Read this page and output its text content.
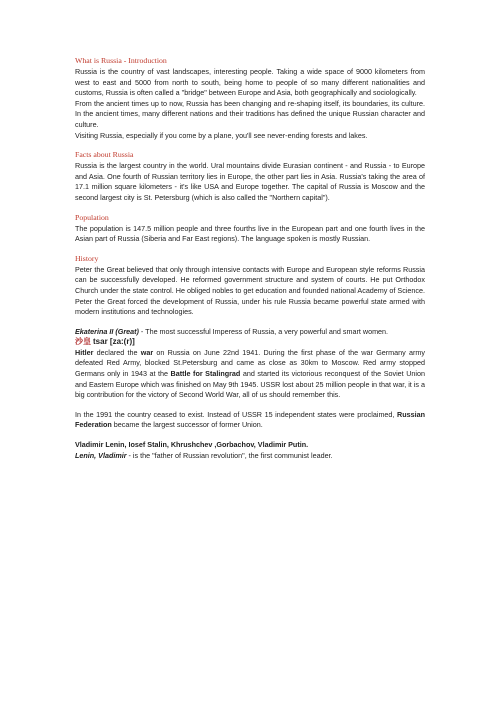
What is Russia - Introduction

Russia is the country of vast landscapes, interesting people. Taking a wide space of 9000 kilometers from west to east and 5000 from north to south, being home to people of so many different nationalities and customs, Russia is often called a "bridge" between Europe and Asia, both geographically and sociologically.

From the ancient times up to now, Russia has been changing and re-shaping itself, its boundaries, its culture. In the ancient times, many different nations and their traditions has defined the unique Russian character and culture.

Visiting Russia, especially if you come by a plane, you'll see never-ending forests and lakes.

Facts about Russia

Russia is the largest country in the world. Ural mountains divide Eurasian continent - and Russia - to Europe and Asia. One fourth of Russian territory lies in Europe, the other part lies in Asia. Russia's taking the area of 17.1 million square kilometers - it's like USA and Europe together. The capital of Russia is Moscow and the second largest city is St. Petersburg (which is also called the "Northern capital").

Population

The population is 147.5 million people and three fourths live in the European part and one fourth lives in the Asian part of Russia (Siberia and Far East regions). The language spoken is mostly Russian.

History

Peter the Great believed that only through intensive contacts with Europe and European style reforms Russia can be successfully developed. He reformed government structure and system of courts. He put Orthodox Church under the state control. He obliged nobles to get education and founded national Academy of Science. Peter the Great forced the development of Russia, under his rule Russia became powerful state armed with modern institutions and technologies.

Ekaterina II (Great) - The most successful Imperess of Russia, a very powerful and smart women.

沙皇 tsar [za:(r)]

Hitler declared the war on Russia on June 22nd 1941. During the first phase of the war Germany army defeated Red Army, blocked St.Petersburg and came as close as 30km to Moscow. Red army stopped Germans only in 1943 at the Battle for Stalingrad and started its victorious reconquest of the Soviet Union and Eastern Europe which was finished on May 9th 1945. USSR lost about 25 million people in that war, it is a big contribution for the victory of Second World War, all of us should remember this.

In the 1991 the country ceased to exist. Instead of USSR 15 independent states were proclaimed, Russian Federation became the largest successor of former Union.

Vladimir Lenin, Iosef Stalin, Khrushchev ,Gorbachov, Vladimir Putin.

Lenin, Vladimir - is the "father of Russian revolution", the first communist leader.
